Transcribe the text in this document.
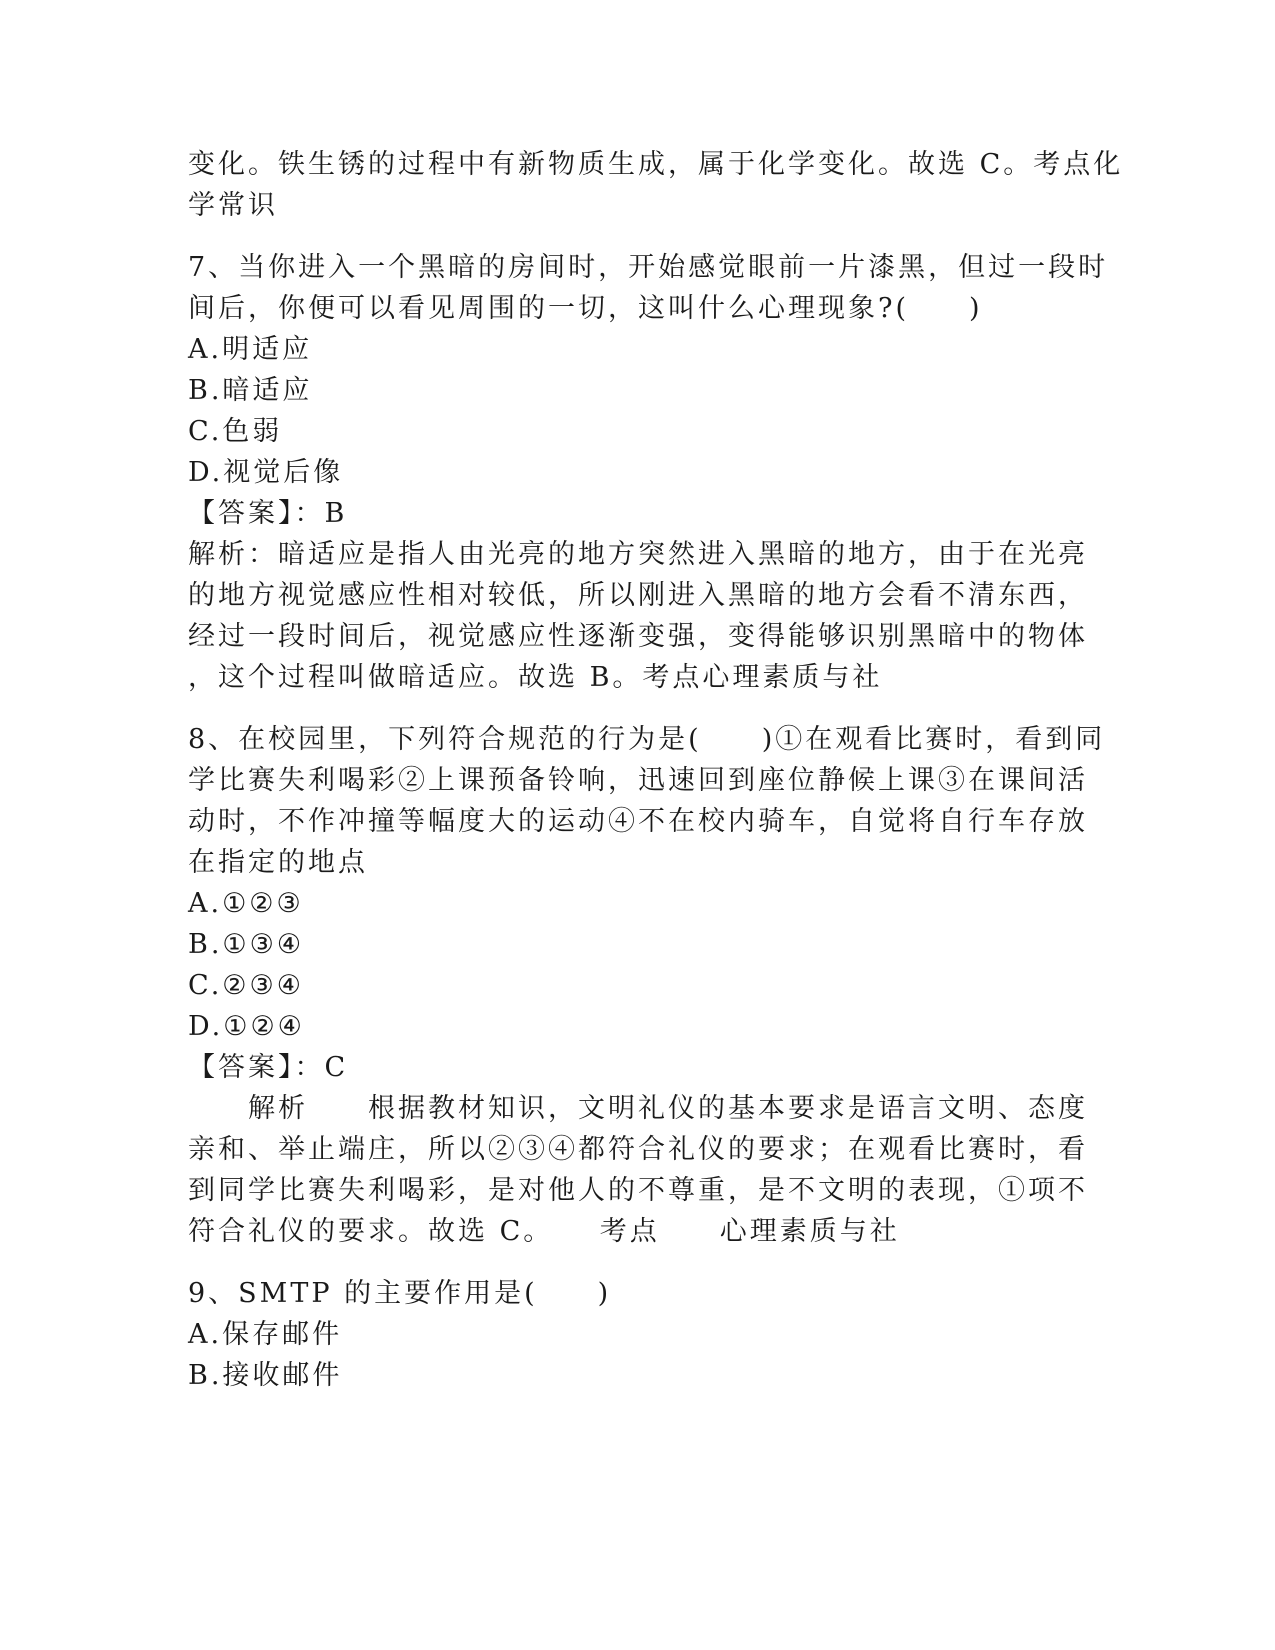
变化。铁生锈的过程中有新物质生成，属于化学变化。故选 C。考点化
学常识
7、当你进入一个黑暗的房间时，开始感觉眼前一片漆黑，但过一段时
间后，你便可以看见周围的一切，这叫什么心理现象?(　　)
A.明适应
B.暗适应
C.色弱
D.视觉后像
【答案】：B
解析：暗适应是指人由光亮的地方突然进入黑暗的地方，由于在光亮
的地方视觉感应性相对较低，所以刚进入黑暗的地方会看不清东西，
经过一段时间后，视觉感应性逐渐变强，变得能够识别黑暗中的物体
，这个过程叫做暗适应。故选 B。考点心理素质与社
8、在校园里，下列符合规范的行为是(　　)①在观看比赛时，看到同
学比赛失利喝彩②上课预备铃响，迅速回到座位静候上课③在课间活
动时，不作冲撞等幅度大的运动④不在校内骑车，自觉将自行车存放
在指定的地点
A.①②③
B.①③④
C.②③④
D.①②④
【答案】：C
　　解析　　根据教材知识，文明礼仪的基本要求是语言文明、态度
亲和、举止端庄，所以②③④都符合礼仪的要求；在观看比赛时，看
到同学比赛失利喝彩，是对他人的不尊重，是不文明的表现，①项不
符合礼仪的要求。故选 C。　　考点　　心理素质与社
9、SMTP 的主要作用是(　　)
A.保存邮件
B.接收邮件
